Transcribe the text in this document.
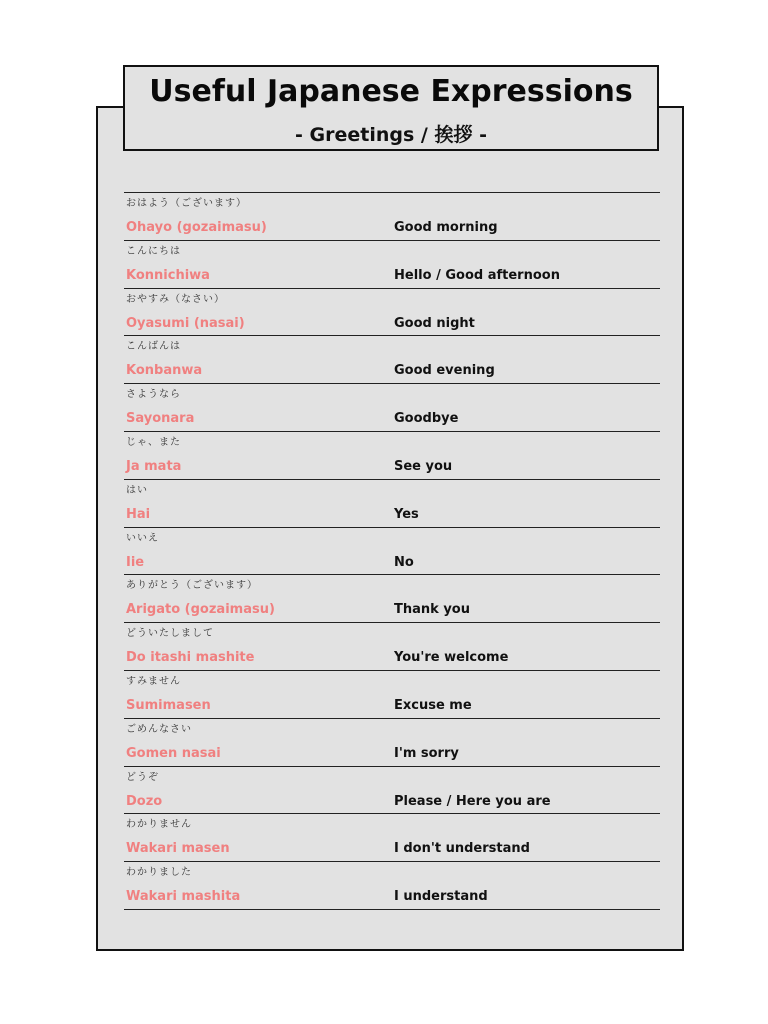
Useful Japanese Expressions
- Greetings / 挨拶 -
おはよう（ございます）
Ohayo (gozaimasu)	Good morning
こんにちは
Konnichiwa	Hello / Good afternoon
おやすみ（なさい）
Oyasumi (nasai)	Good night
こんばんは
Konbanwa	Good evening
さようなら
Sayonara	Goodbye
じゃ、また
Ja mata	See you
はい
Hai	Yes
いいえ
Iie	No
ありがとう（ございます）
Arigato (gozaimasu)	Thank you
どういたしまして
Do itashi mashite	You're welcome
すみません
Sumimasen	Excuse me
ごめんなさい
Gomen nasai	I'm sorry
どうぞ
Dozo	Please / Here you are
わかりません
Wakari masen	I don't understand
わかりました
Wakari mashita	I understand
